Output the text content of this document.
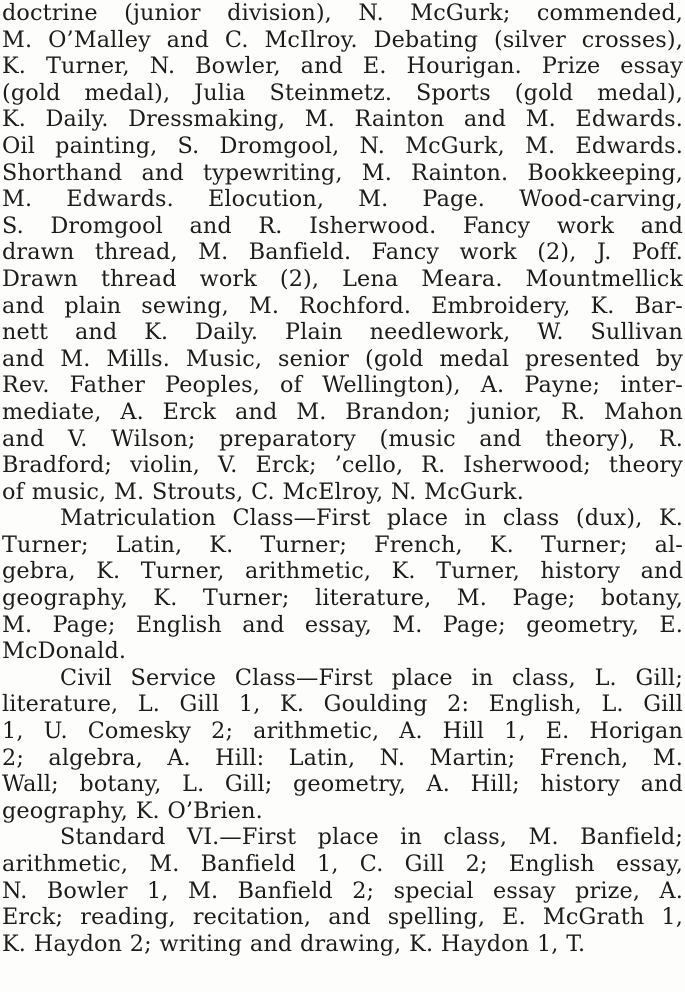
doctrine (junior division), N. McGurk; commended,
M. O’Malley and C. McIlroy. Debating (silver crosses),
K. Turner, N. Bowler, and E. Hourigan. Prize essay
(gold medal), Julia Steinmetz. Sports (gold medal),
K. Daily. Dressmaking, M. Rainton and M. Edwards.
Oil painting, S. Dromgool, N. McGurk, M. Edwards.
Shorthand and typewriting, M. Rainton. Bookkeeping,
M. Edwards. Elocution, M. Page. Wood-carving,
S. Dromgool and R. Isherwood. Fancy work and
drawn thread, M. Banfield. Fancy work (2), J. Poff.
Drawn thread work (2), Lena Meara. Mountmellick
and plain sewing, M. Rochford. Embroidery, K. Bar-
nett and K. Daily. Plain needlework, W. Sullivan
and M. Mills. Music, senior (gold medal presented by
Rev. Father Peoples, of Wellington), A. Payne; inter-
mediate, A. Erck and M. Brandon; junior, R. Mahon
and V. Wilson; preparatory (music and theory), R.
Bradford; violin, V. Erck; ’cello, R. Isherwood; theory
of music, M. Strouts, C. McElroy, N. McGurk.
Matriculation Class—First place in class (dux), K.
Turner; Latin, K. Turner; French, K. Turner; al-
gebra, K. Turner, arithmetic, K. Turner, history and
geography, K. Turner; literature, M. Page; botany,
M. Page; English and essay, M. Page; geometry, E.
McDonald.
Civil Service Class—First place in class, L. Gill;
literature, L. Gill 1, K. Goulding 2: English, L. Gill
1, U. Comesky 2; arithmetic, A. Hill 1, E. Horigan
2; algebra, A. Hill: Latin, N. Martin; French, M.
Wall; botany, L. Gill; geometry, A. Hill; history and
geography, K. O’Brien.
Standard VI.—First place in class, M. Banfield;
arithmetic, M. Banfield 1, C. Gill 2; English essay,
N. Bowler 1, M. Banfield 2; special essay prize, A.
Erck; reading, recitation, and spelling, E. McGrath 1,
K. Haydon 2; writing and drawing, K. Haydon 1, T.
